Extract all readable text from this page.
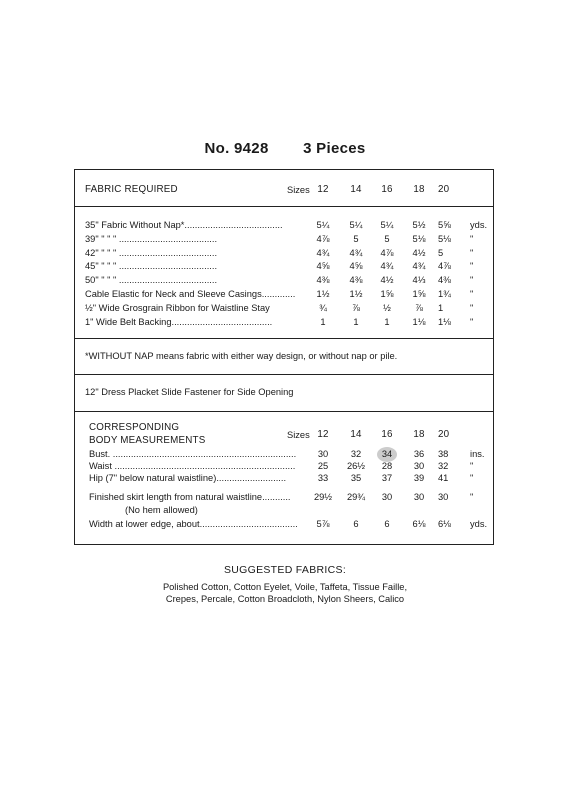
No. 9428 3 Pieces
FABRIC REQUIRED	Sizes 12	14	16	18	20
35" Fabric Without Nap*......................................	5¼	5¼	5¼	5½	5⅝	yds.
39" " " " ......................................	4⅞	5	5	5⅛	5⅛	"
42" " " " ......................................	4¾	4¾	4⅞	4½	5	"
45" " " " ......................................	4⅝	4⅝	4¾	4¾	4⅞	"
50" " " " ......................................	4⅜	4⅜	4½	4⅓	4⅜	"
Cable Elastic for Neck and Sleeve Casings.............	1½	1½	1⅝	1⅝	1¾	"
½" Wide Grosgrain Ribbon for Waistline Stay	¾	⅞	½	⅞	1	"
1" Wide Belt Backing.......................................	1	1	1	1⅛	1⅛	"
*WITHOUT NAP means fabric with either way design, or without nap or pile.
12" Dress Placket Slide Fastener for Side Opening
CORRESPONDING
BODY MEASUREMENTS	Sizes 12	14	16	18	20
Bust. .......................................................................	30	32	34	36	38	ins.
Waist ......................................................................	25	26½	28	30	32	"
Hip (7" below natural waistline)...........................	33	35	37	39	41	"
Finished skirt length from natural waistline...........	29½	29¾	30	30	30	"
(No hem allowed)
Width at lower edge, about......................................	5⅞	6	6	6⅛	6⅛	yds.
SUGGESTED FABRICS:
Polished Cotton, Cotton Eyelet, Voile, Taffeta, Tissue Faille,
Crepes, Percale, Cotton Broadcloth, Nylon Sheers, Calico
